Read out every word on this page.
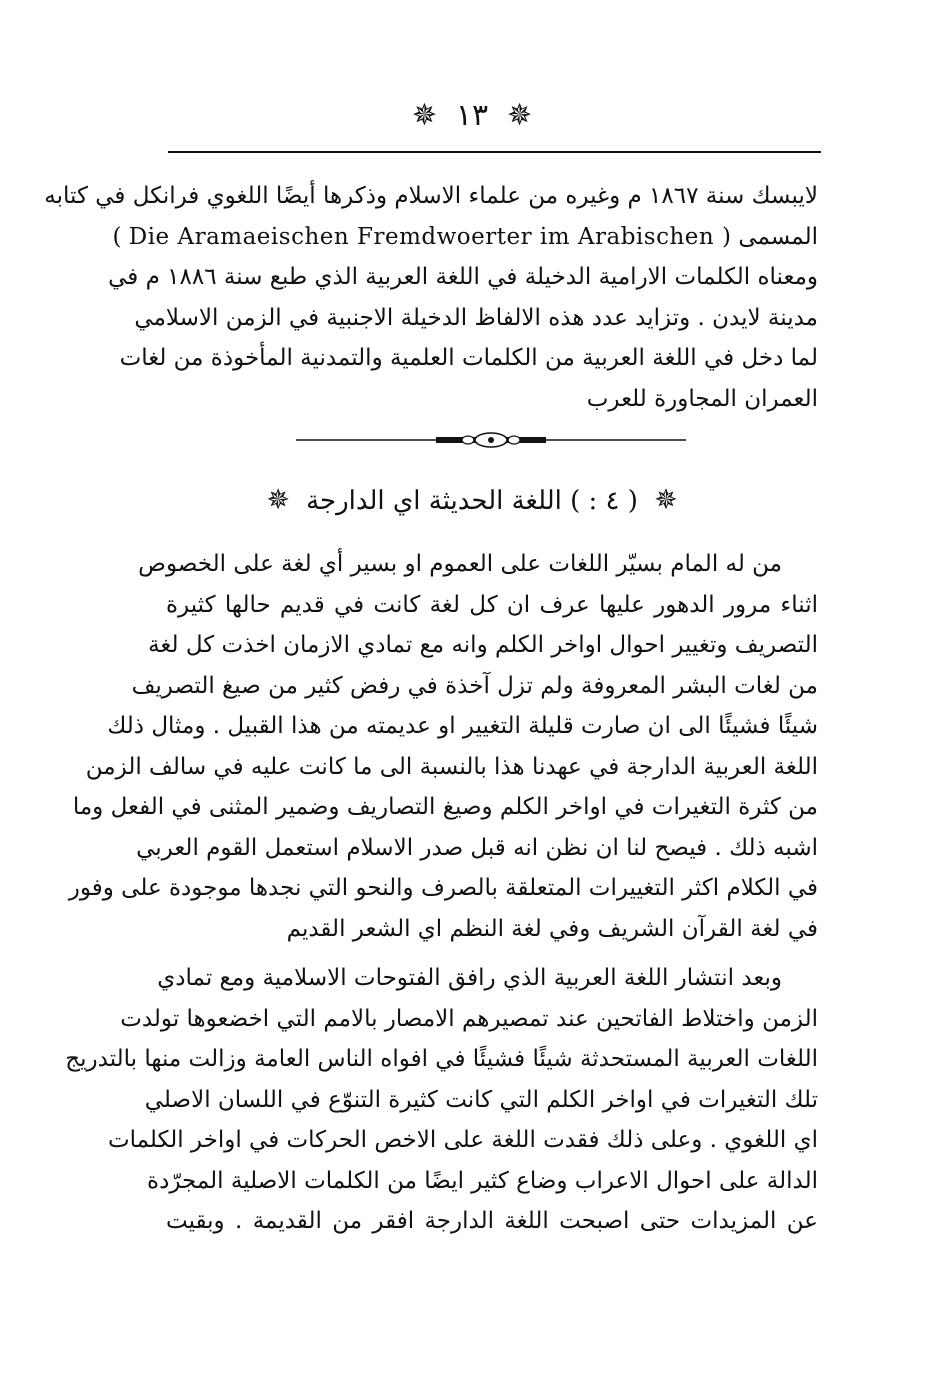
✵ ١٣ ✵
لايبسك سنة ١٨٦٧ م وغيره من علماء الاسلام وذكرها أيضًا اللغوي فرانكل في كتابه
المسمى ( Die Aramaeischen Fremdwoerter im Arabischen )
ومعناه الكلمات الارامية الدخيلة في اللغة العربية الذي طبع سنة ١٨٨٦ م في
مدينة لايدن . وتزايد عدد هذه الالفاظ الدخيلة الاجنبية في الزمن الاسلامي
لما دخل في اللغة العربية من الكلمات العلمية والتمدنية المأخوذة من لغات
العمران المجاورة للعرب
✵ ( ٤ : ) اللغة الحديثة اي الدارجة ✵
من له المام بسيّر اللغات على العموم او بسير أي لغة على الخصوص
اثناء مرور الدهور عليها عرف ان كل لغة كانت في قديم حالها كثيرة
التصريف وتغيير احوال اواخر الكلم وانه مع تمادي الازمان اخذت كل لغة
من لغات البشر المعروفة ولم تزل آخذة في رفض كثير من صيغ التصريف
شيئًا فشيئًا الى ان صارت قليلة التغيير او عديمته من هذا القبيل . ومثال ذلك
اللغة العربية الدارجة في عهدنا هذا بالنسبة الى ما كانت عليه في سالف الزمن
من كثرة التغيرات في اواخر الكلم وصيغ التصاريف وضمير المثنى في الفعل وما
اشبه ذلك . فيصح لنا ان نظن انه قبل صدر الاسلام استعمل القوم العربي
في الكلام اكثر التغييرات المتعلقة بالصرف والنحو التي نجدها موجودة على وفور
في لغة القرآن الشريف وفي لغة النظم اي الشعر القديم
وبعد انتشار اللغة العربية الذي رافق الفتوحات الاسلامية ومع تمادي
الزمن واختلاط الفاتحين عند تمصيرهم الامصار بالامم التي اخضعوها تولدت
اللغات العربية المستحدثة شيئًا فشيئًا في افواه الناس العامة وزالت منها بالتدريج
تلك التغيرات في اواخر الكلم التي كانت كثيرة التنوّع في اللسان الاصلي
اي اللغوي . وعلى ذلك فقدت اللغة على الاخص الحركات في اواخر الكلمات
الدالة على احوال الاعراب وضاع كثير ايضًا من الكلمات الاصلية المجرّدة
عن المزيدات حتى اصبحت اللغة الدارجة افقر من القديمة . وبقيت
